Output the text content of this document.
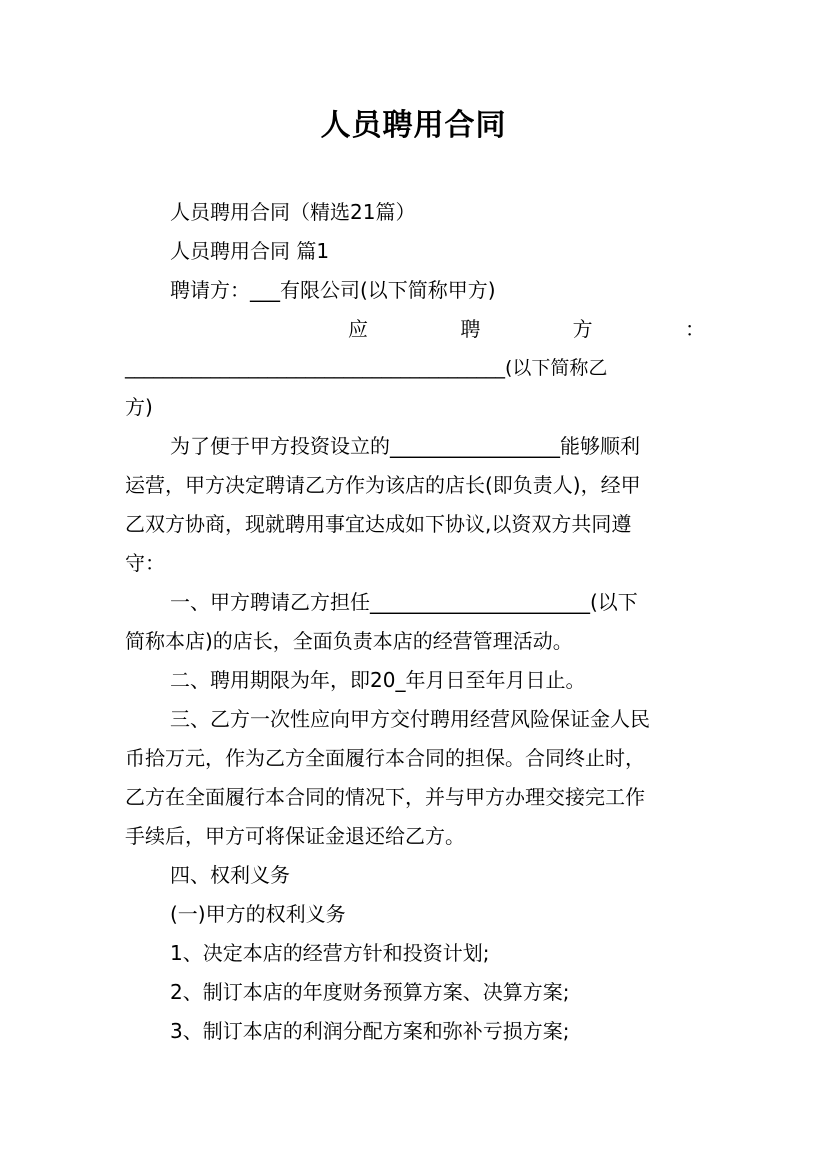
人员聘用合同

人员聘用合同（精选21篇）

人员聘用合同 篇1

聘请方：___有限公司(以下简称甲方)

应	聘	方	：

________________________________________(以下简称乙

方)

为了便于甲方投资设立的_________________能够顺利

运营，甲方决定聘请乙方作为该店的店长(即负责人)，经甲

乙双方协商，现就聘用事宜达成如下协议,以资双方共同遵

守：

一、甲方聘请乙方担任______________________(以下

简称本店)的店长，全面负责本店的经营管理活动。

二、聘用期限为年，即20_年月日至年月日止。

三、乙方一次性应向甲方交付聘用经营风险保证金人民

币拾万元，作为乙方全面履行本合同的担保。合同终止时，

乙方在全面履行本合同的情况下，并与甲方办理交接完工作

手续后，甲方可将保证金退还给乙方。

四、权利义务

(一)甲方的权利义务

1、决定本店的经营方针和投资计划;

2、制订本店的年度财务预算方案、决算方案;

3、制订本店的利润分配方案和弥补亏损方案;
